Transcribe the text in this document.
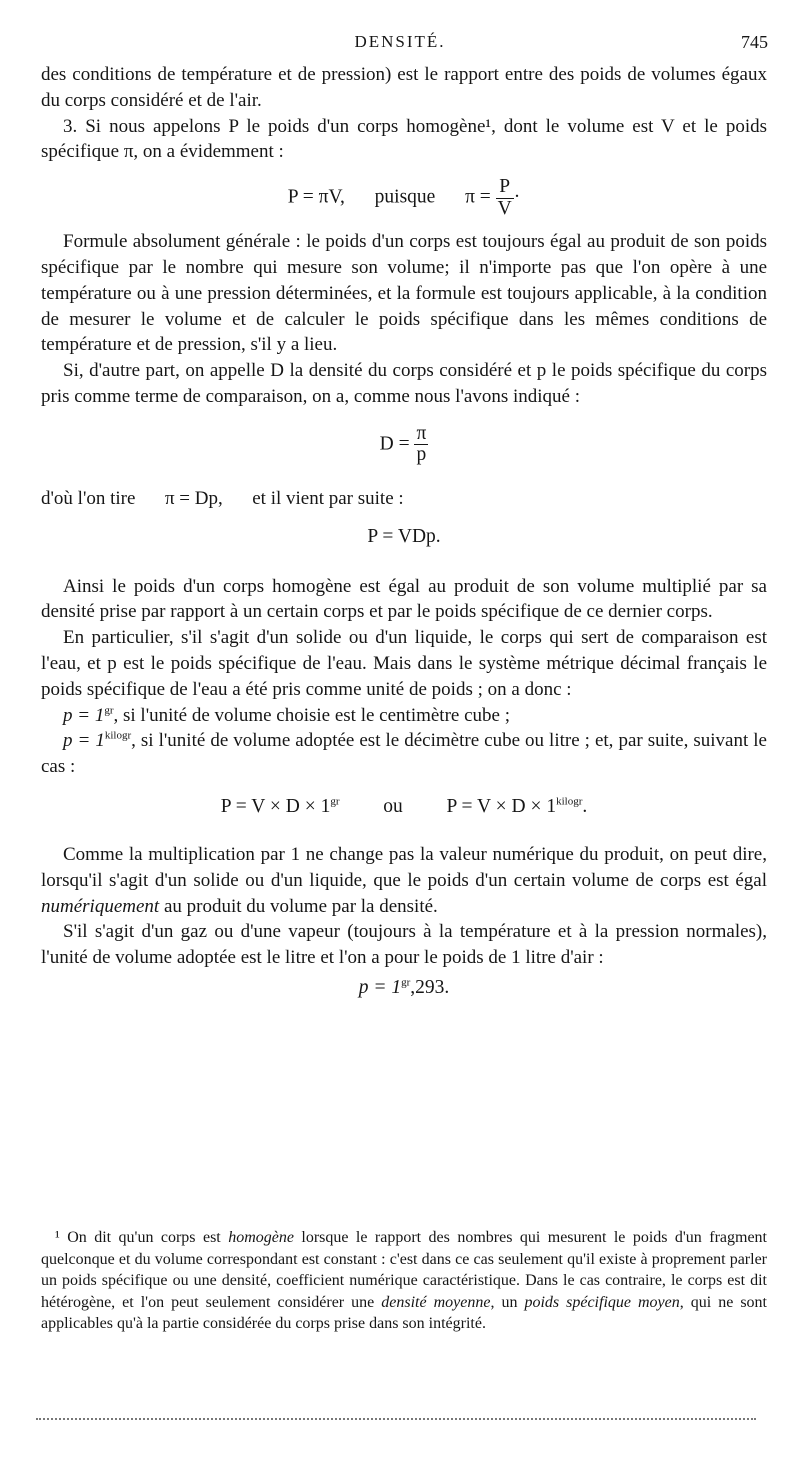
DENSITÉ.	745

des conditions de température et de pression) est le rapport entre des poids de volumes égaux du corps considéré et de l'air.

3. Si nous appelons P le poids d'un corps homogène¹, dont le volume est V et le poids spécifique π, on a évidemment :

P = πV, puisque $\pi = \frac{P}{V}$ ·

Formule absolument générale : le poids d'un corps est toujours égal au produit de son poids spécifique par le nombre qui mesure son volume; il n'importe pas que l'on opère à une température ou à une pression déterminées, et la formule est toujours applicable, à la condition de mesurer le volume et de calculer le poids spécifique dans les mêmes conditions de température et de pression, s'il y a lieu.

Si, d'autre part, on appelle D la densité du corps considéré et p le poids spécifique du corps pris comme terme de comparaison, on a, comme nous l'avons indiqué :

$D = \frac{\pi}{p}$

d'où l'on tire π = Dp, et il vient par suite :

P = VDp.

Ainsi le poids d'un corps homogène est égal au produit de son volume multiplié par sa densité prise par rapport à un certain corps et par le poids spécifique de ce dernier corps.

En particulier, s'il s'agit d'un solide ou d'un liquide, le corps qui sert de comparaison est l'eau, et p est le poids spécifique de l'eau. Mais dans le système métrique décimal français le poids spécifique de l'eau a été pris comme unité de poids ; on a donc :

$p = 1^{gr}$, si l'unité de volume choisie est le centimètre cube ;

$p = 1^{kilogr}$, si l'unité de volume adoptée est le décimètre cube ou litre ; et, par suite, suivant le cas :

$P = V \times D \times 1^{gr}$ ou $P = V \times D \times 1^{kilogr}$.

Comme la multiplication par 1 ne change pas la valeur numérique du produit, on peut dire, lorsqu'il s'agit d'un solide ou d'un liquide, que le poids d'un certain volume de corps est égal numériquement au produit du volume par la densité.

S'il s'agit d'un gaz ou d'une vapeur (toujours à la température et à la pression normales), l'unité de volume adoptée est le litre et l'on a pour le poids de 1 litre d'air :

$p = 1^{gr},293$.

¹ On dit qu'un corps est homogène lorsque le rapport des nombres qui mesurent le poids d'un fragment quelconque et du volume correspondant est constant : c'est dans ce cas seulement qu'il existe à proprement parler un poids spécifique ou une densité, coefficient numérique caractéristique. Dans le cas contraire, le corps est dit hétérogène, et l'on peut seulement considérer une densité moyenne, un poids spécifique moyen, qui ne sont applicables qu'à la partie considérée du corps prise dans son intégrité.
